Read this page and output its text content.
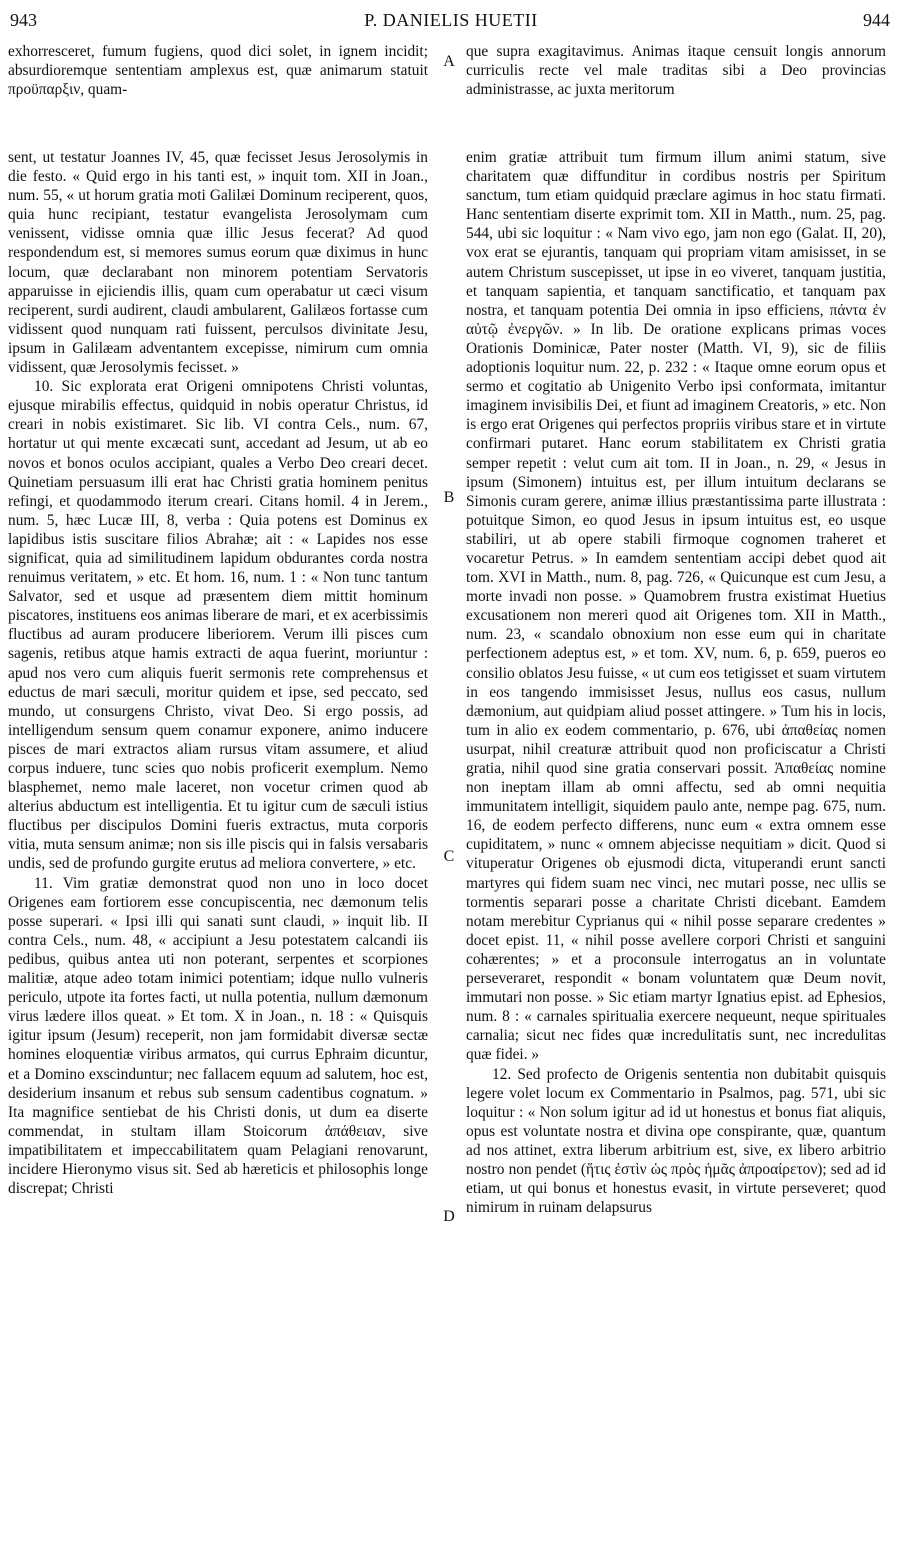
943	P. DANIELIS HUETII	944

exhorresceret, fumum fugiens, quod dici solet, in ignem incidit; absurdioremque sententiam amplexus est, quæ animarum statuit προϋπαρξιν, quam-

que supra exagitavimus. Animas itaque censuit longis annorum curriculis recte vel male traditas sibi a Deo provincias administrasse, ac juxta meritorum

A
B
C
D

sent, ut testatur Joannes IV, 45, quæ fecisset Jesus Jerosolymis in die festo. « Quid ergo in his tanti est, » inquit tom. XII in Joan., num. 55, « ut horum gratia moti Galilæi Dominum reciperent, quos, quia hunc recipiant, testatur evangelista Jerosolymam cum venissent, vidisse omnia quæ illic Jesus fecerat? Ad quod respondendum est, si memores sumus eorum quæ diximus in hunc locum, quæ declarabant non minorem potentiam Servatoris apparuisse in ejiciendis illis, quam cum operabatur ut cæci visum reciperent, surdi audirent, claudi ambularent, Galilæos fortasse cum vidissent quod nunquam rati fuissent, perculsos divinitate Jesu, ipsum in Galilæam adventantem excepisse, nimirum cum omnia vidissent, quæ Jerosolymis fecisset. »

10. Sic explorata erat Origeni omnipotens Christi voluntas, ejusque mirabilis effectus, quidquid in nobis operatur Christus, id creari in nobis existimaret. Sic lib. VI contra Cels., num. 67, hortatur ut qui mente excæcati sunt, accedant ad Jesum, ut ab eo novos et bonos oculos accipiant, quales a Verbo Deo creari decet. Quinetiam persuasum illi erat hac Christi gratia hominem penitus refingi, et quodammodo iterum creari. Citans homil. 4 in Jerem., num. 5, hæc Lucæ III, 8, verba : Quia potens est Dominus ex lapidibus istis suscitare filios Abrahæ; ait : « Lapides nos esse significat, quia ad similitudinem lapidum obdurantes corda nostra renuimus veritatem, » etc. Et hom. 16, num. 1 : « Non tunc tantum Salvator, sed et usque ad præsentem diem mittit hominum piscatores, instituens eos animas liberare de mari, et ex acerbissimis fluctibus ad auram producere liberiorem. Verum illi pisces cum sagenis, retibus atque hamis extracti de aqua fuerint, moriuntur : apud nos vero cum aliquis fuerit sermonis rete comprehensus et eductus de mari sæculi, moritur quidem et ipse, sed peccato, sed mundo, ut consurgens Christo, vivat Deo. Si ergo possis, ad intelligendum sensum quem conamur exponere, animo inducere pisces de mari extractos aliam rursus vitam assumere, et aliud corpus induere, tunc scies quo nobis proficerit exemplum. Nemo blasphemet, nemo male laceret, non vocetur crimen quod ab alterius abductum est intelligentia. Et tu igitur cum de sæculi istius fluctibus per discipulos Domini fueris extractus, muta corporis vitia, muta sensum animæ; non sis ille piscis qui in falsis versabaris undis, sed de profundo gurgite erutus ad meliora convertere, » etc.

11. Vim gratiæ demonstrat quod non uno in loco docet Origenes eam fortiorem esse concupiscentia, nec dæmonum telis posse superari. « Ipsi illi qui sanati sunt claudi, » inquit lib. II contra Cels., num. 48, « accipiunt a Jesu potestatem calcandi iis pedibus, quibus antea uti non poterant, serpentes et scorpiones malitiæ, atque adeo totam inimici potentiam; idque nullo vulneris periculo, utpote ita fortes facti, ut nulla potentia, nullum dæmonum virus lædere illos queat. » Et tom. X in Joan., n. 18 : « Quisquis igitur ipsum (Jesum) receperit, non jam formidabit diversæ sectæ homines eloquentiæ viribus armatos, qui currus Ephraim dicuntur, et a Domino exscinduntur; nec fallacem equum ad salutem, hoc est, desiderium insanum et rebus sub sensum cadentibus cognatum. » Ita magnifice sentiebat de his Christi donis, ut dum ea diserte commendat, in stultam illam Stoicorum ἀπάθειαν, sive impatibilitatem et impeccabilitatem quam Pelagiani renovarunt, incidere Hieronymo visus sit. Sed ab hæreticis et philosophis longe discrepat; Christi

enim gratiæ attribuit tum firmum illum animi statum, sive charitatem quæ diffunditur in cordibus nostris per Spiritum sanctum, tum etiam quidquid præclare agimus in hoc statu firmati. Hanc sententiam diserte exprimit tom. XII in Matth., num. 25, pag. 544, ubi sic loquitur : « Nam vivo ego, jam non ego (Galat. II, 20), vox erat se ejurantis, tanquam qui propriam vitam amisisset, in se autem Christum suscepisset, ut ipse in eo viveret, tanquam justitia, et tanquam sapientia, et tanquam sanctificatio, et tanquam pax nostra, et tanquam potentia Dei omnia in ipso efficiens, πάντα ἐν αὐτῷ ἐνεργῶν. » In lib. De oratione explicans primas voces Orationis Dominicæ, Pater noster (Matth. VI, 9), sic de filiis adoptionis loquitur num. 22, p. 232 : « Itaque omne eorum opus et sermo et cogitatio ab Unigenito Verbo ipsi conformata, imitantur imaginem invisibilis Dei, et fiunt ad imaginem Creatoris, » etc. Non is ergo erat Origenes qui perfectos propriis viribus stare et in virtute confirmari putaret. Hanc eorum stabilitatem ex Christi gratia semper repetit : velut cum ait tom. II in Joan., n. 29, « Jesus in ipsum (Simonem) intuitus est, per illum intuitum declarans se Simonis curam gerere, animæ illius præstantissima parte illustrata : potuitque Simon, eo quod Jesus in ipsum intuitus est, eo usque stabiliri, ut ab opere stabili firmoque cognomen traheret et vocaretur Petrus. » In eamdem sententiam accipi debet quod ait tom. XVI in Matth., num. 8, pag. 726, « Quicunque est cum Jesu, a morte invadi non posse. » Quamobrem frustra existimat Huetius excusationem non mereri quod ait Origenes tom. XII in Matth., num. 23, « scandalo obnoxium non esse eum qui in charitate perfectionem adeptus est, » et tom. XV, num. 6, p. 659, pueros eo consilio oblatos Jesu fuisse, « ut cum eos tetigisset et suam virtutem in eos tangendo immisisset Jesus, nullus eos casus, nullum dæmonium, aut quidpiam aliud posset attingere. » Tum his in locis, tum in alio ex eodem commentario, p. 676, ubi ἀπαθείας nomen usurpat, nihil creaturæ attribuit quod non proficiscatur a Christi gratia, nihil quod sine gratia conservari possit. Ἀπαθείας nomine non ineptam illam ab omni affectu, sed ab omni nequitia immunitatem intelligit, siquidem paulo ante, nempe pag. 675, num. 16, de eodem perfecto differens, nunc eum « extra omnem esse cupiditatem, » nunc « omnem abjecisse nequitiam » dicit. Quod si vituperatur Origenes ob ejusmodi dicta, vituperandi erunt sancti martyres qui fidem suam nec vinci, nec mutari posse, nec ullis se tormentis separari posse a charitate Christi dicebant. Eamdem notam merebitur Cyprianus qui « nihil posse separare credentes » docet epist. 11, « nihil posse avellere corpori Christi et sanguini cohærentes; » et a proconsule interrogatus an in voluntate perseveraret, respondit « bonam voluntatem quæ Deum novit, immutari non posse. » Sic etiam martyr Ignatius epist. ad Ephesios, num. 8 : « carnales spiritualia exercere nequeunt, neque spirituales carnalia; sicut nec fides quæ incredulitatis sunt, nec incredulitas quæ fidei. »

12. Sed profecto de Origenis sententia non dubitabit quisquis legere volet locum ex Commentario in Psalmos, pag. 571, ubi sic loquitur : « Non solum igitur ad id ut honestus et bonus fiat aliquis, opus est voluntate nostra et divina ope conspirante, quæ, quantum ad nos attinet, extra liberum arbitrium est, sive, ex libero arbitrio nostro non pendet (ἥτις ἐστὶν ὡς πρὸς ἡμᾶς ἀπροαίρετον); sed ad id etiam, ut qui bonus et honestus evasit, in virtute perseveret; quod nimirum in ruinam delapsurus
